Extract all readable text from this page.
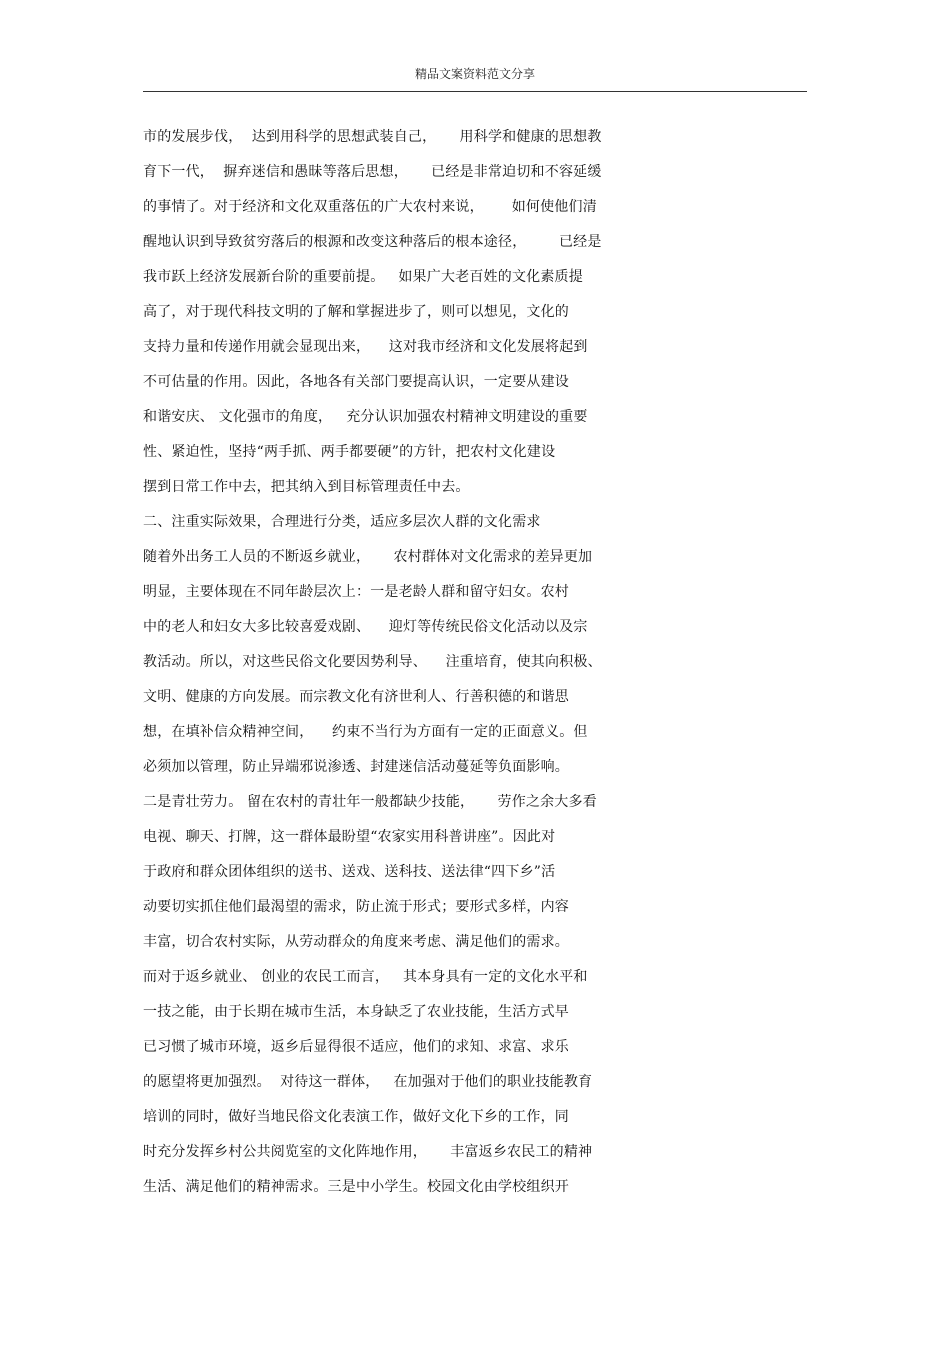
精品文案资料范文分享
市的发展步伐，  达到用科学的思想武装自己，     用科学和健康的思想教
育下一代，  摒弃迷信和愚昧等落后思想，     已经是非常迫切和不容延缓
的事情了。对于经济和文化双重落伍的广大农村来说，      如何使他们清
醒地认识到导致贫穷落后的根源和改变这种落后的根本途径，       已经是
我市跃上经济发展新台阶的重要前提。   如果广大老百姓的文化素质提
高了，对于现代科技文明的了解和掌握进步了，则可以想见，文化的
支持力量和传递作用就会显现出来，    这对我市经济和文化发展将起到
不可估量的作用。因此，各地各有关部门要提高认识，一定要从建设
和谐安庆、 文化强市的角度，   充分认识加强农村精神文明建设的重要
性、紧迫性，坚持“两手抓、两手都要硬”的方针，把农村文化建设
摆到日常工作中去，把其纳入到目标管理责任中去。
二、注重实际效果，合理进行分类，适应多层次人群的文化需求
随着外出务工人员的不断返乡就业，     农村群体对文化需求的差异更加
明显，主要体现在不同年龄层次上：一是老龄人群和留守妇女。农村
中的老人和妇女大多比较喜爱戏剧、    迎灯等传统民俗文化活动以及宗
教活动。所以，对这些民俗文化要因势利导、    注重培育，使其向积极、
文明、健康的方向发展。而宗教文化有济世利人、行善积德的和谐思
想，在填补信众精神空间，    约束不当行为方面有一定的正面意义。但
必须加以管理，防止异端邪说渗透、封建迷信活动蔓延等负面影响。
二是青壮劳力。 留在农村的青壮年一般都缺少技能，     劳作之余大多看
电视、聊天、打牌，这一群体最盼望“农家实用科普讲座”。因此对
于政府和群众团体组织的送书、送戏、送科技、送法律“四下乡”活
动要切实抓住他们最渴望的需求，防止流于形式；要形式多样，内容
丰富，切合农村实际，从劳动群众的角度来考虑、满足他们的需求。
而对于返乡就业、 创业的农民工而言，   其本身具有一定的文化水平和
一技之能，由于长期在城市生活，本身缺乏了农业技能，生活方式早
已习惯了城市环境，返乡后显得很不适应，他们的求知、求富、求乐
的愿望将更加强烈。  对待这一群体，   在加强对于他们的职业技能教育
培训的同时，做好当地民俗文化表演工作，做好文化下乡的工作，同
时充分发挥乡村公共阅览室的文化阵地作用，     丰富返乡农民工的精神
生活、满足他们的精神需求。三是中小学生。校园文化由学校组织开
